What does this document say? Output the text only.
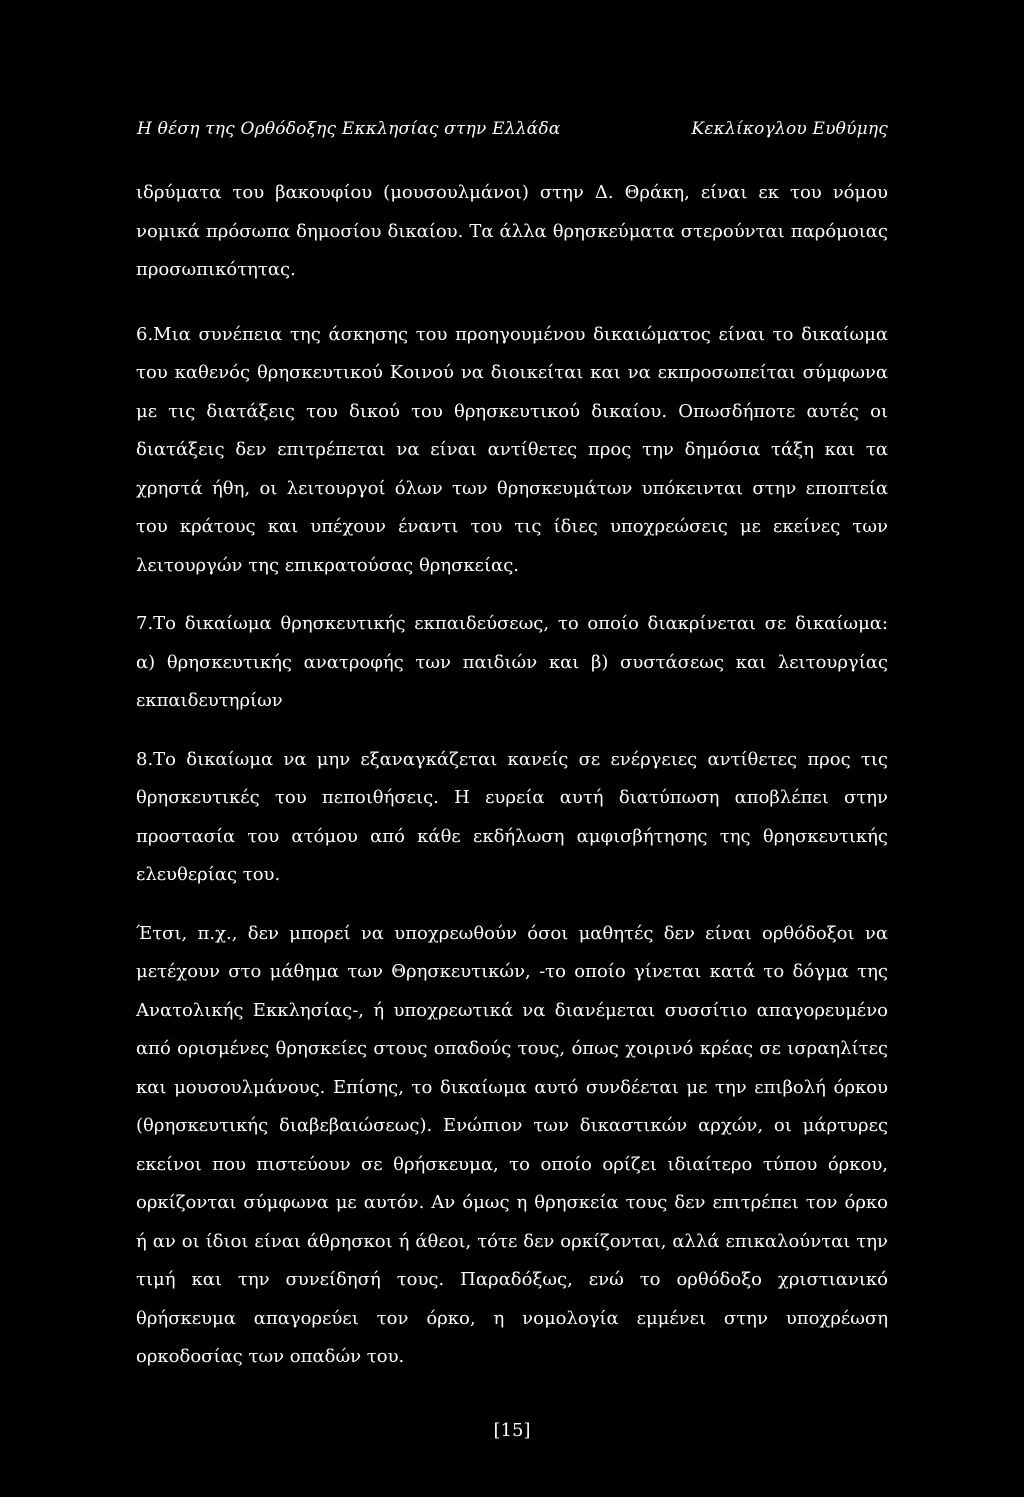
Η θέση της Ορθόδοξης Εκκλησίας στην Ελλάδα	Κεκλίκογλου Ευθύμης

ιδρύματα του βακουφίου (μουσουλμάνοι) στην Δ. Θράκη, είναι εκ του νόμου νομικά πρόσωπα δημοσίου δικαίου. Τα άλλα θρησκεύματα στερούνται παρόμοιας προσωπικότητας.

6.Μια συνέπεια της άσκησης του προηγουμένου δικαιώματος είναι το δικαίωμα του καθενός θρησκευτικού Κοινού να διοικείται και να εκπροσωπείται σύμφωνα με τις διατάξεις του δικού του θρησκευτικού δικαίου. Οπωσδήποτε αυτές οι διατάξεις δεν επιτρέπεται να είναι αντίθετες προς την δημόσια τάξη και τα χρηστά ήθη, οι λειτουργοί όλων των θρησκευμάτων υπόκεινται στην εποπτεία του κράτους και υπέχουν έναντι του τις ίδιες υποχρεώσεις με εκείνες των λειτουργών της επικρατούσας θρησκείας.

7.Το δικαίωμα θρησκευτικής εκπαιδεύσεως, το οποίο διακρίνεται σε δικαίωμα: α) θρησκευτικής ανατροφής των παιδιών και β) συστάσεως και λειτουργίας εκπαιδευτηρίων

8.Το δικαίωμα να μην εξαναγκάζεται κανείς σε ενέργειες αντίθετες προς τις θρησκευτικές του πεποιθήσεις. Η ευρεία αυτή διατύπωση αποβλέπει στην προστασία του ατόμου από κάθε εκδήλωση αμφισβήτησης της θρησκευτικής ελευθερίας του.

Έτσι, π.χ., δεν μπορεί να υποχρεωθούν όσοι μαθητές δεν είναι ορθόδοξοι να μετέχουν στο μάθημα των Θρησκευτικών, -το οποίο γίνεται κατά το δόγμα της Ανατολικής Εκκλησίας-, ή υποχρεωτικά να διανέμεται συσσίτιο απαγορευμένο από ορισμένες θρησκείες στους οπαδούς τους, όπως χοιρινό κρέας σε ισραηλίτες και μουσουλμάνους. Επίσης, το δικαίωμα αυτό συνδέεται με την επιβολή όρκου (θρησκευτικής διαβεβαιώσεως). Ενώπιον των δικαστικών αρχών, οι μάρτυρες εκείνοι που πιστεύουν σε θρήσκευμα, το οποίο ορίζει ιδιαίτερο τύπου όρκου, ορκίζονται σύμφωνα με αυτόν. Αν όμως η θρησκεία τους δεν επιτρέπει τον όρκο ή αν οι ίδιοι είναι άθρησκοι ή άθεοι, τότε δεν ορκίζονται, αλλά επικαλούνται την τιμή και την συνείδησή τους. Παραδόξως, ενώ το ορθόδοξο χριστιανικό θρήσκευμα απαγορεύει τον όρκο, η νομολογία εμμένει στην υποχρέωση ορκοδοσίας των οπαδών του.

[15]
